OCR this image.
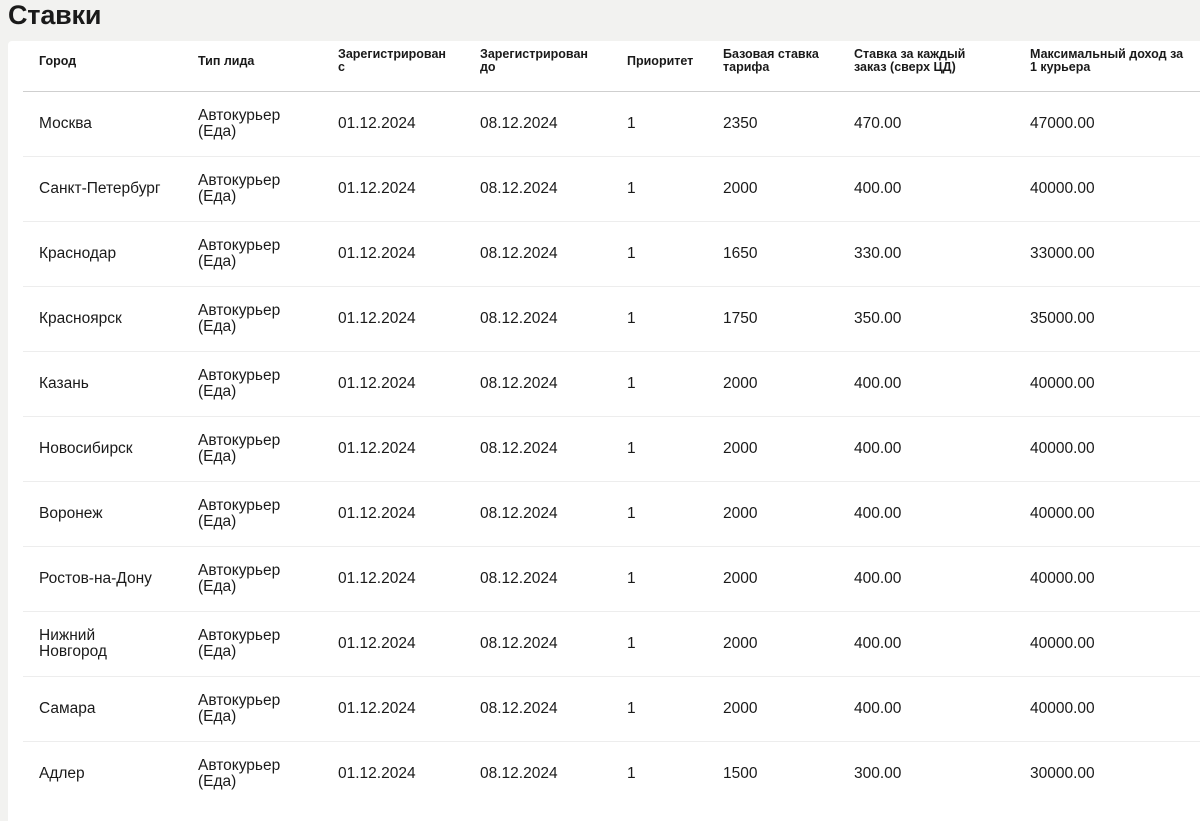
Ставки
Город	Тип лида	Зарегистрирован с	Зарегистрирован до	Приоритет	Базовая ставка тарифа	Ставка за каждый заказ (сверх ЦД)	Максимальный доход за 1 курьера

Москва	Автокурьер (Еда)	01.12.2024	08.12.2024	1	2350	470.00	47000.00
Санкт-Петербург	Автокурьер (Еда)	01.12.2024	08.12.2024	1	2000	400.00	40000.00
Краснодар	Автокурьер (Еда)	01.12.2024	08.12.2024	1	1650	330.00	33000.00
Красноярск	Автокурьер (Еда)	01.12.2024	08.12.2024	1	1750	350.00	35000.00
Казань	Автокурьер (Еда)	01.12.2024	08.12.2024	1	2000	400.00	40000.00
Новосибирск	Автокурьер (Еда)	01.12.2024	08.12.2024	1	2000	400.00	40000.00
Воронеж	Автокурьер (Еда)	01.12.2024	08.12.2024	1	2000	400.00	40000.00
Ростов-на-Дону	Автокурьер (Еда)	01.12.2024	08.12.2024	1	2000	400.00	40000.00
Нижний Новгород	Автокурьер (Еда)	01.12.2024	08.12.2024	1	2000	400.00	40000.00
Самара	Автокурьер (Еда)	01.12.2024	08.12.2024	1	2000	400.00	40000.00
Адлер	Автокурьер (Еда)	01.12.2024	08.12.2024	1	1500	300.00	30000.00
